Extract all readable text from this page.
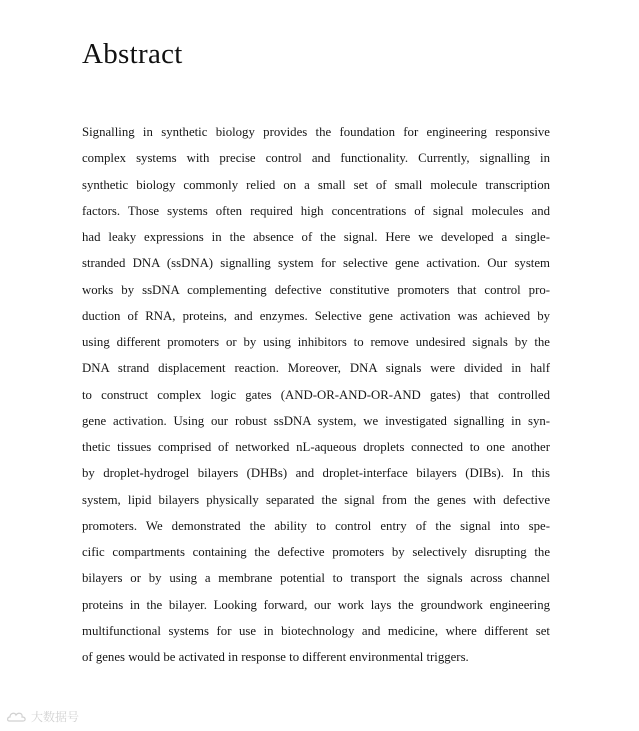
Abstract
Signalling in synthetic biology provides the foundation for engineering responsive
complex systems with precise control and functionality. Currently, signalling in
synthetic biology commonly relied on a small set of small molecule transcription
factors. Those systems often required high concentrations of signal molecules and
had leaky expressions in the absence of the signal. Here we developed a single-
stranded DNA (ssDNA) signalling system for selective gene activation. Our system
works by ssDNA complementing defective constitutive promoters that control pro-
duction of RNA, proteins, and enzymes. Selective gene activation was achieved by
using different promoters or by using inhibitors to remove undesired signals by the
DNA strand displacement reaction. Moreover, DNA signals were divided in half
to construct complex logic gates (AND-OR-AND-OR-AND gates) that controlled
gene activation. Using our robust ssDNA system, we investigated signalling in syn-
thetic tissues comprised of networked nL-aqueous droplets connected to one another
by droplet-hydrogel bilayers (DHBs) and droplet-interface bilayers (DIBs). In this
system, lipid bilayers physically separated the signal from the genes with defective
promoters. We demonstrated the ability to control entry of the signal into spe-
cific compartments containing the defective promoters by selectively disrupting the
bilayers or by using a membrane potential to transport the signals across channel
proteins in the bilayer. Looking forward, our work lays the groundwork engineering
multifunctional systems for use in biotechnology and medicine, where different set
of genes would be activated in response to different environmental triggers.
大数据号
